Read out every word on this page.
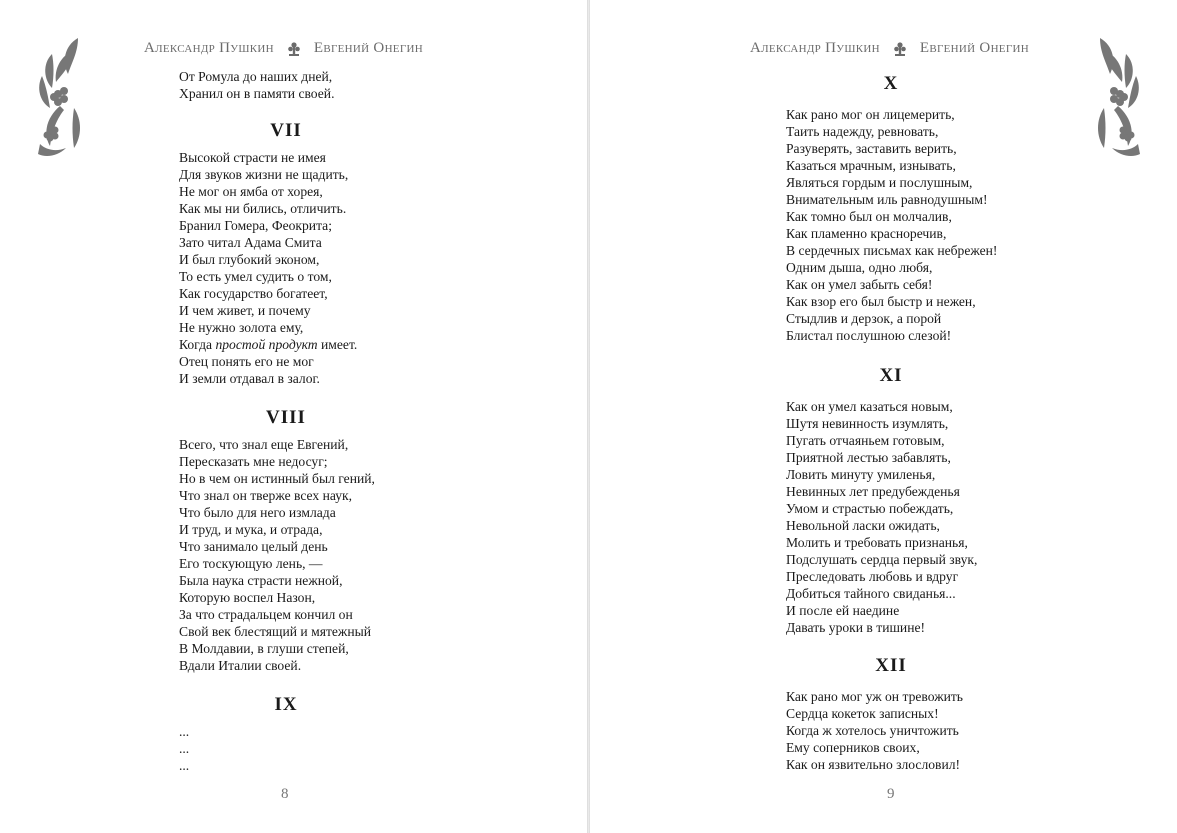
Александр Пушкин	Евгений Онегин
От Ромула до наших дней,
Хранил он в памяти своей.

VII

Высокой страсти не имея
Для звуков жизни не щадить,
Не мог он ямба от хорея,
Как мы ни бились, отличить.
Бранил Гомера, Феокрита;
Зато читал Адама Смита
И был глубокий эконом,
То есть умел судить о том,
Как государство богатеет,
И чем живет, и почему
Не нужно золота ему,
Когда простой продукт имеет.
Отец понять его не мог
И земли отдавал в залог.

VIII

Всего, что знал еще Евгений,
Пересказать мне недосуг;
Но в чем он истинный был гений,
Что знал он тверже всех наук,
Что было для него измлада
И труд, и мука, и отрада,
Что занимало целый день
Его тоскующую лень, —
Была наука страсти нежной,
Которую воспел Назон,
За что страдальцем кончил он
Свой век блестящий и мятежный
В Молдавии, в глуши степей,
Вдали Италии своей.

IX

...
...
...
8
Александр Пушкин	Евгений Онегин

X

Как рано мог он лицемерить,
Таить надежду, ревновать,
Разуверять, заставить верить,
Казаться мрачным, изнывать,
Являться гордым и послушным,
Внимательным иль равнодушным!
Как томно был он молчалив,
Как пламенно красноречив,
В сердечных письмах как небрежен!
Одним дыша, одно любя,
Как он умел забыть себя!
Как взор его был быстр и нежен,
Стыдлив и дерзок, а порой
Блистал послушною слезой!

XI

Как он умел казаться новым,
Шутя невинность изумлять,
Пугать отчаяньем готовым,
Приятной лестью забавлять,
Ловить минуту умиленья,
Невинных лет предубежденья
Умом и страстью побеждать,
Невольной ласки ожидать,
Молить и требовать признанья,
Подслушать сердца первый звук,
Преследовать любовь и вдруг
Добиться тайного свиданья...
И после ей наедине
Давать уроки в тишине!

XII

Как рано мог уж он тревожить
Сердца кокеток записных!
Когда ж хотелось уничтожить
Ему соперников своих,
Как он язвительно злословил!
9
